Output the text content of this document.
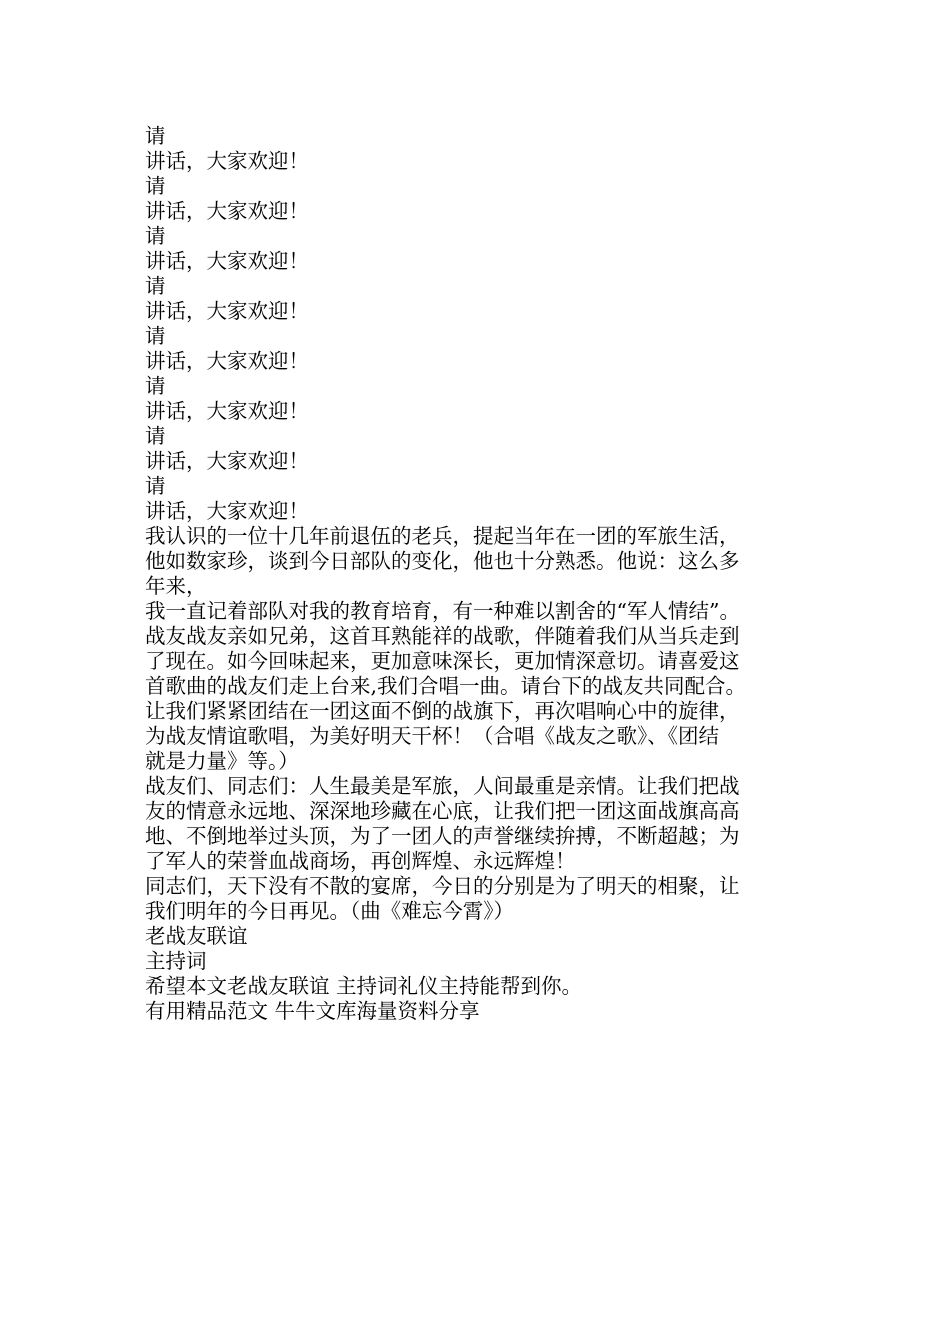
请
讲话，大家欢迎！
请
讲话，大家欢迎！
请
讲话，大家欢迎！
请
讲话，大家欢迎！
请
讲话，大家欢迎！
请
讲话，大家欢迎！
请
讲话，大家欢迎！
请
讲话，大家欢迎！
我认识的一位十几年前退伍的老兵，提起当年在一团的军旅生活，
他如数家珍，谈到今日部队的变化，他也十分熟悉。他说：这么多
年来，
我一直记着部队对我的教育培育，有一种难以割舍的“军人情结”。
战友战友亲如兄弟，这首耳熟能祥的战歌，伴随着我们从当兵走到
了现在。如今回味起来，更加意味深长，更加情深意切。请喜爱这
首歌曲的战友们走上台来,我们合唱一曲。请台下的战友共同配合。
让我们紧紧团结在一团这面不倒的战旗下，再次唱响心中的旋律，
为战友情谊歌唱，为美好明天干杯！（合唱《战友之歌》、《团结
就是力量》等。）
战友们、同志们：人生最美是军旅，人间最重是亲情。让我们把战
友的情意永远地、深深地珍藏在心底，让我们把一团这面战旗高高
地、不倒地举过头顶，为了一团人的声誉继续拚搏，不断超越；为
了军人的荣誉血战商场，再创辉煌、永远辉煌！
同志们，天下没有不散的宴席，今日的分别是为了明天的相聚，让
我们明年的今日再见。（曲《难忘今霄》）
老战友联谊
主持词
希望本文老战友联谊 主持词礼仪主持能帮到你。
有用精品范文 牛牛文库海量资料分享
